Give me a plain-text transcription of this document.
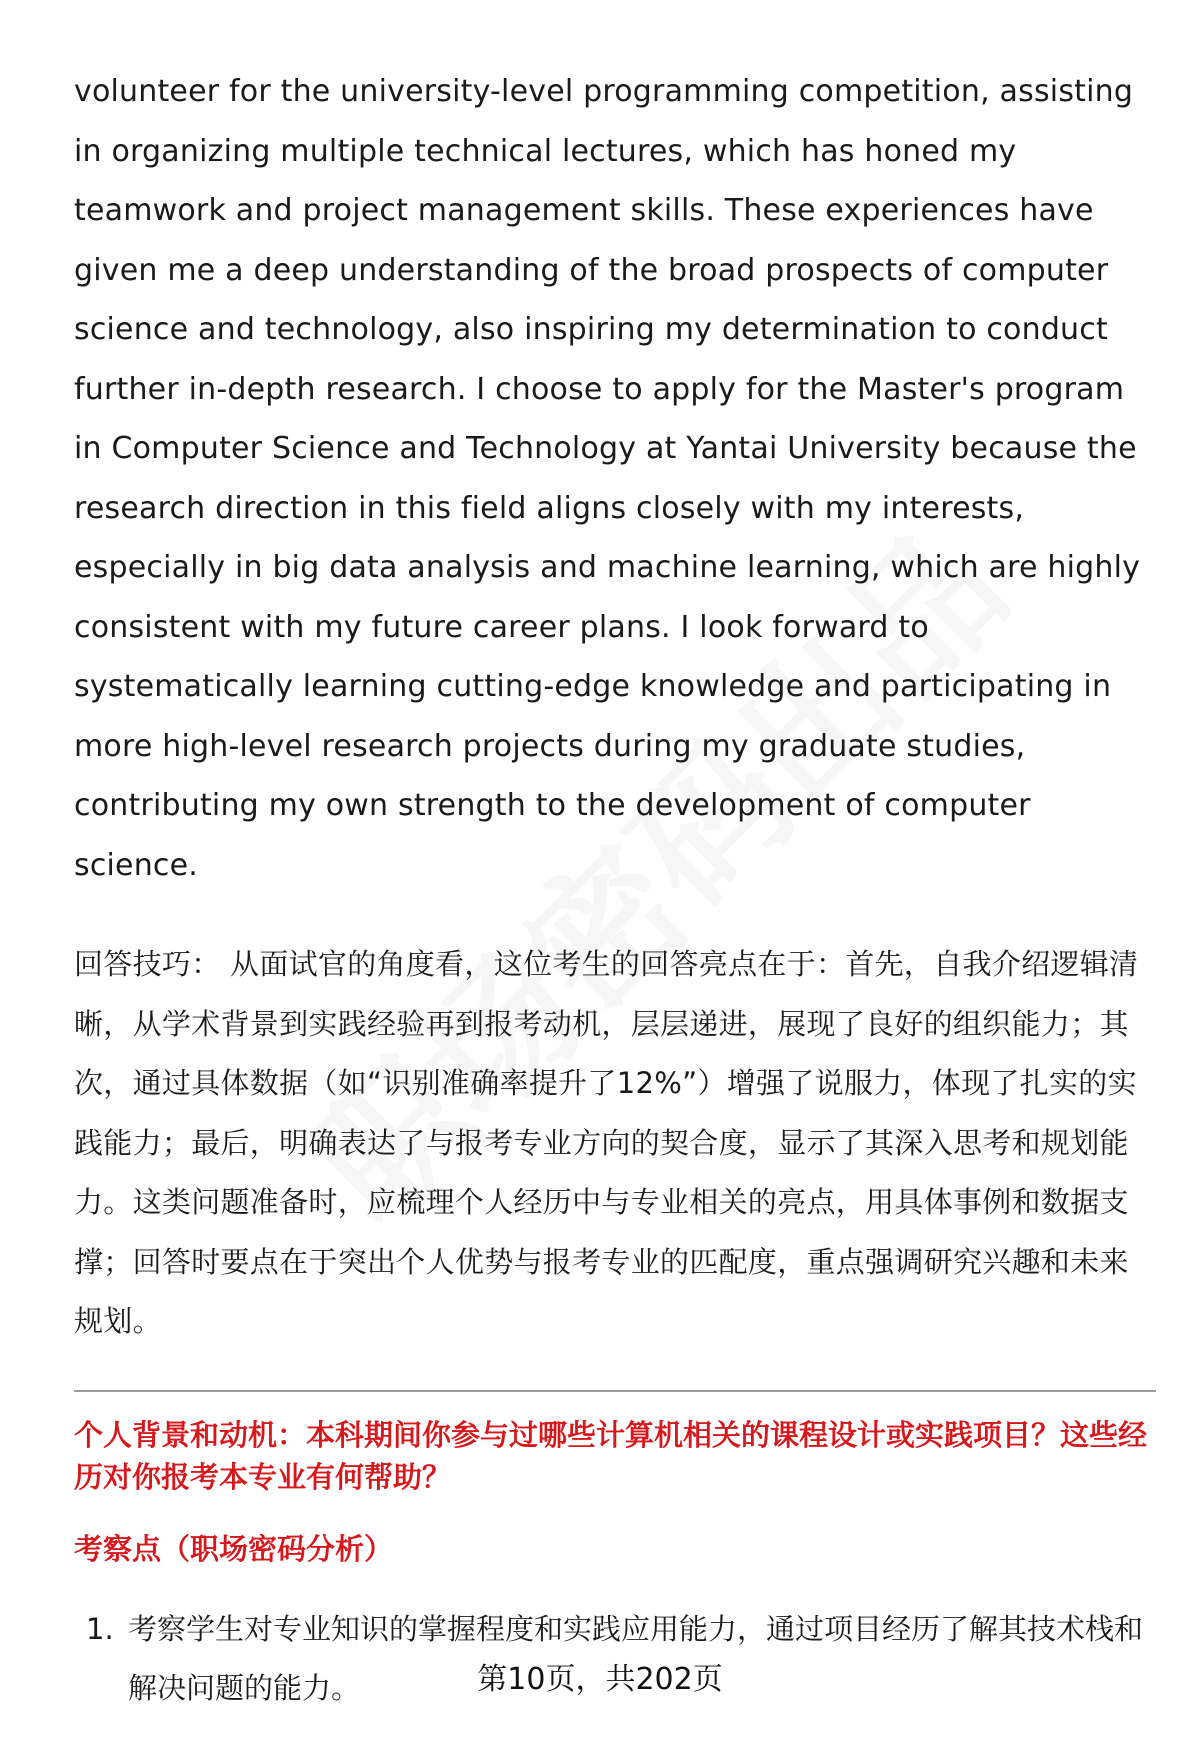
volunteer for the university-level programming competition, assisting in organizing multiple technical lectures, which has honed my teamwork and project management skills. These experiences have given me a deep understanding of the broad prospects of computer science and technology, also inspiring my determination to conduct further in-depth research. I choose to apply for the Master's program in Computer Science and Technology at Yantai University because the research direction in this field aligns closely with my interests, especially in big data analysis and machine learning, which are highly consistent with my future career plans. I look forward to systematically learning cutting-edge knowledge and participating in more high-level research projects during my graduate studies, contributing my own strength to the development of computer science.

回答技巧： 从面试官的角度看，这位考生的回答亮点在于：首先，自我介绍逻辑清晰，从学术背景到实践经验再到报考动机，层层递进，展现了良好的组织能力；其次，通过具体数据（如“识别准确率提升了12%”）增强了说服力，体现了扎实的实践能力；最后，明确表达了与报考专业方向的契合度，显示了其深入思考和规划能力。这类问题准备时，应梳理个人经历中与专业相关的亮点，用具体事例和数据支撑；回答时要点在于突出个人优势与报考专业的匹配度，重点强调研究兴趣和未来规划。

个人背景和动机：本科期间你参与过哪些计算机相关的课程设计或实践项目？这些经历对你报考本专业有何帮助？

考察点（职场密码分析）

1. 考察学生对专业知识的掌握程度和实践应用能力，通过项目经历了解其技术栈和解决问题的能力。	第10页，共202页
